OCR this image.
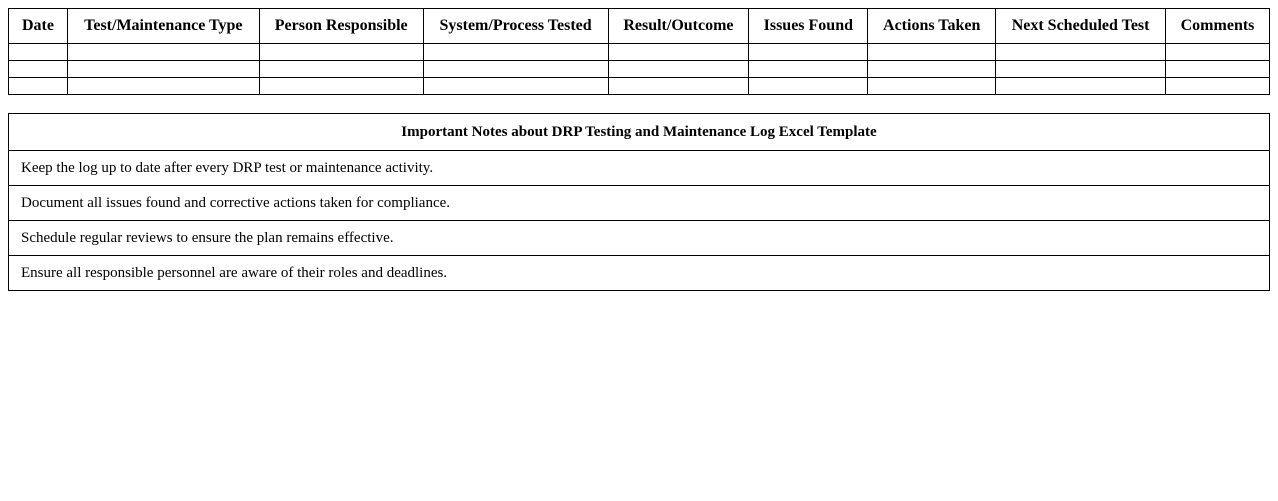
Date	Test/Maintenance Type	Person Responsible	System/Process Tested	Result/Outcome	Issues Found	Actions Taken	Next Scheduled Test	Comments

Important Notes about DRP Testing and Maintenance Log Excel Template
Keep the log up to date after every DRP test or maintenance activity.
Document all issues found and corrective actions taken for compliance.
Schedule regular reviews to ensure the plan remains effective.
Ensure all responsible personnel are aware of their roles and deadlines.
